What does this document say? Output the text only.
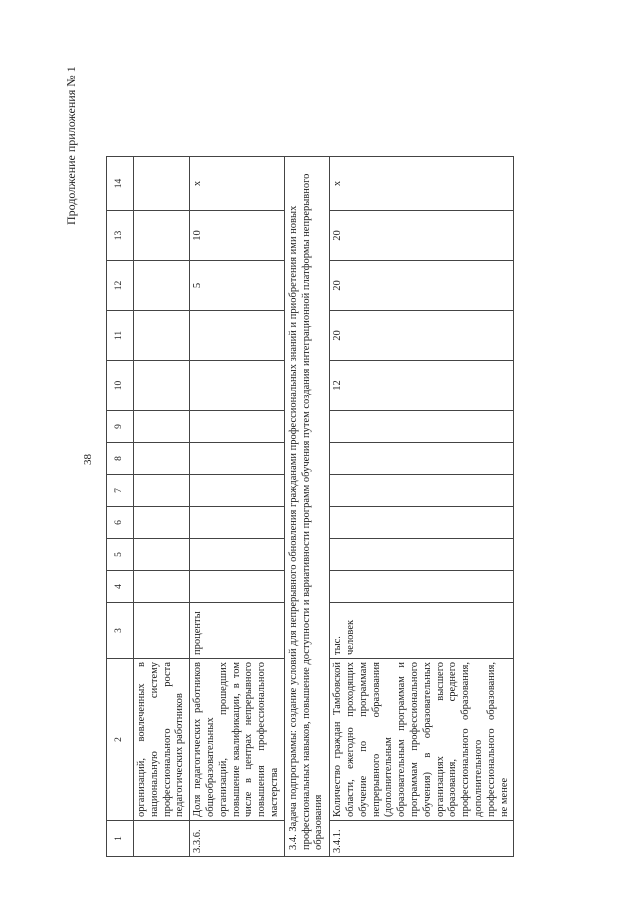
38
Продолжение приложения № 1
1	2	3	4	5	6	7	8	9	10	11	12	13	14
	организаций, вовлеченных в национальную систему профессионального роста педагогических работников												
3.3.6.	Доля педагогических работников общеобразовательных организаций, прошедших повышение квалификации, в том числе в центрах непрерывного повышения профессионального мастерства	проценты									5	10	х
3.4. Задача подпрограммы: создание условий для непрерывного обновления гражданами профессиональных знаний и приобретения ими новых профессиональных навыков, повышение доступности и вариативности программ обучения путем создания интеграционной платформы непрерывного образования													
3.4.1.	Количество граждан Тамбовской области, ежегодно проходящих обучение по программам непрерывного образования (дополнительным образовательным программам и программам профессионального обучения) в образовательных организациях высшего образования, среднего профессионального образования, дополнительного профессионального образования, не менее	тыс. человек							12	20	20	20	х
